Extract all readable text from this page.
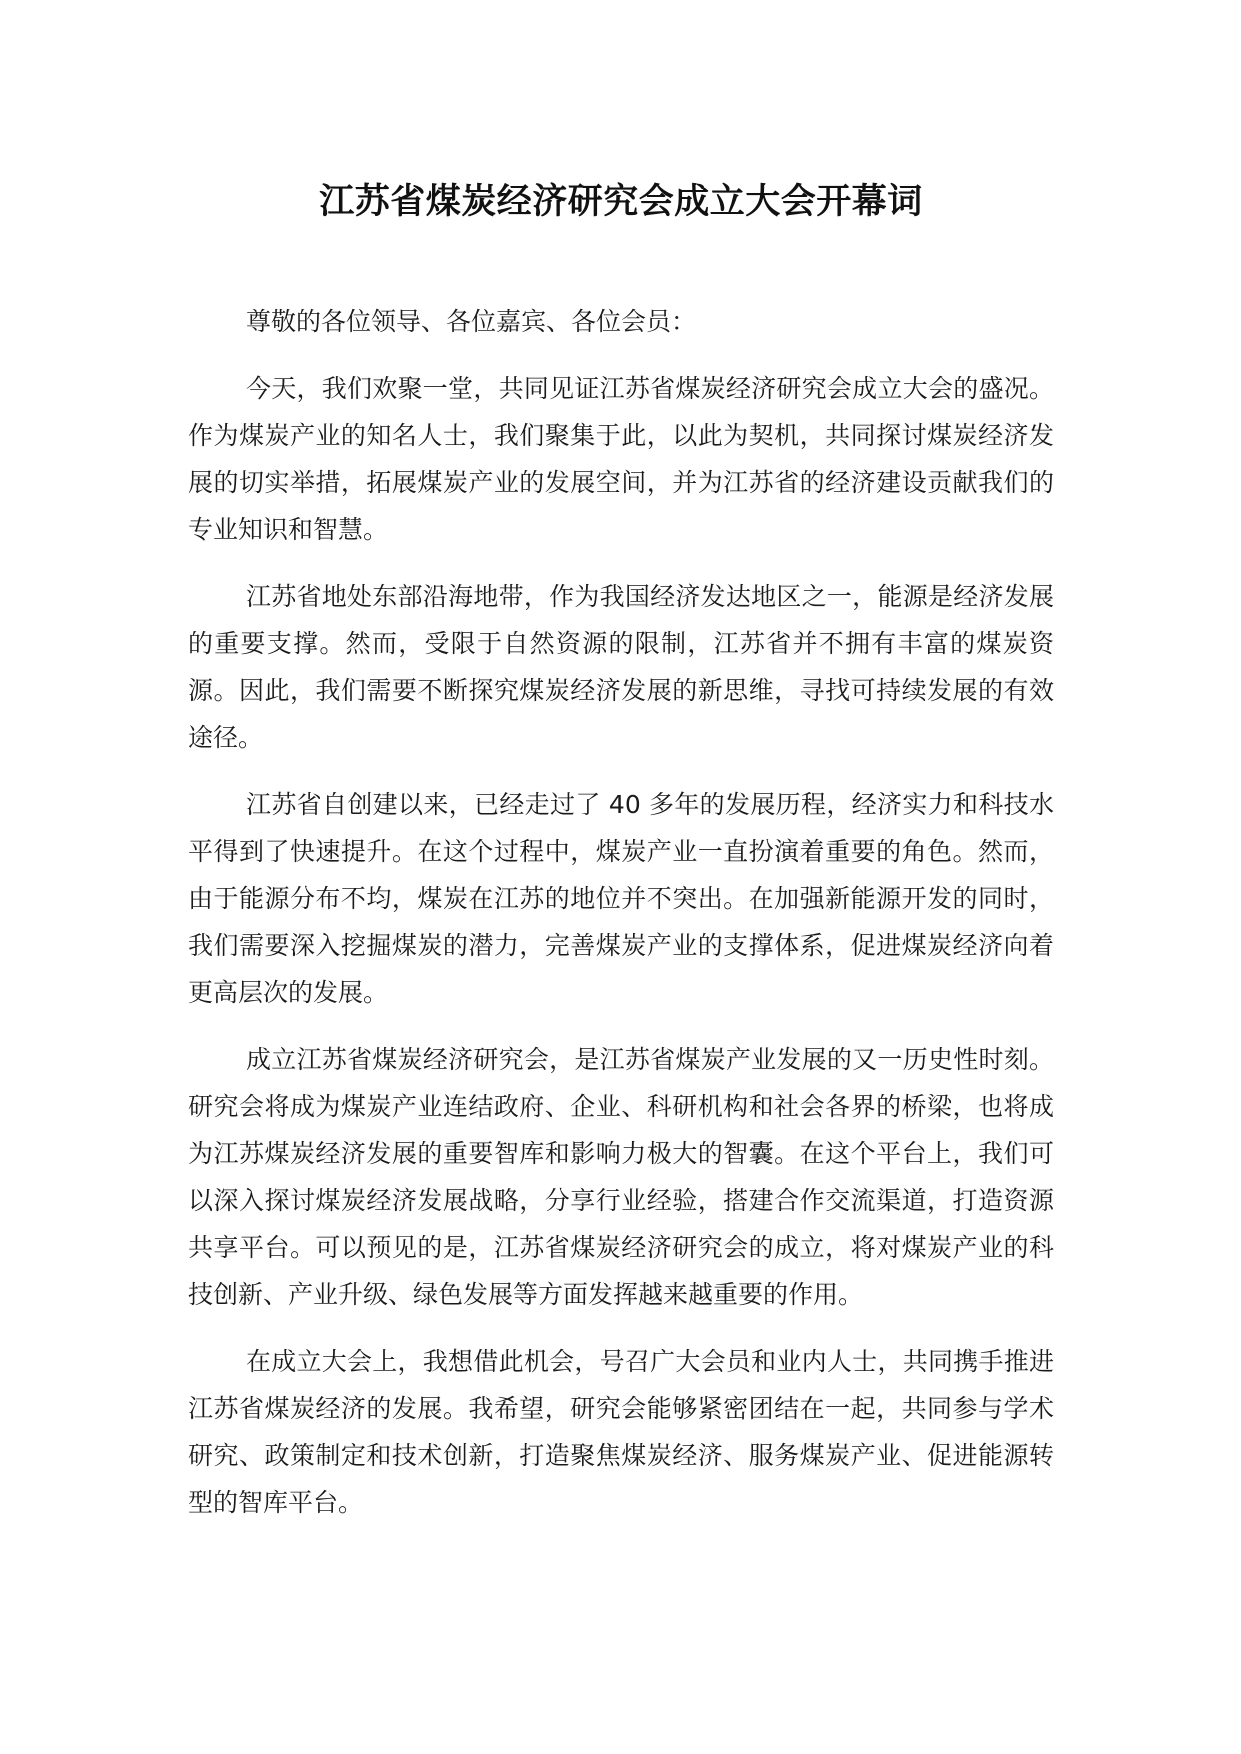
江苏省煤炭经济研究会成立大会开幕词

尊敬的各位领导、各位嘉宾、各位会员：

今天，我们欢聚一堂，共同见证江苏省煤炭经济研究会成立大会的盛况。作为煤炭产业的知名人士，我们聚集于此，以此为契机，共同探讨煤炭经济发展的切实举措，拓展煤炭产业的发展空间，并为江苏省的经济建设贡献我们的专业知识和智慧。

江苏省地处东部沿海地带，作为我国经济发达地区之一，能源是经济发展的重要支撑。然而，受限于自然资源的限制，江苏省并不拥有丰富的煤炭资源。因此，我们需要不断探究煤炭经济发展的新思维，寻找可持续发展的有效途径。

江苏省自创建以来，已经走过了 40 多年的发展历程，经济实力和科技水平得到了快速提升。在这个过程中，煤炭产业一直扮演着重要的角色。然而，由于能源分布不均，煤炭在江苏的地位并不突出。在加强新能源开发的同时，我们需要深入挖掘煤炭的潜力，完善煤炭产业的支撑体系，促进煤炭经济向着更高层次的发展。

成立江苏省煤炭经济研究会，是江苏省煤炭产业发展的又一历史性时刻。研究会将成为煤炭产业连结政府、企业、科研机构和社会各界的桥梁，也将成为江苏煤炭经济发展的重要智库和影响力极大的智囊。在这个平台上，我们可以深入探讨煤炭经济发展战略，分享行业经验，搭建合作交流渠道，打造资源共享平台。可以预见的是，江苏省煤炭经济研究会的成立，将对煤炭产业的科技创新、产业升级、绿色发展等方面发挥越来越重要的作用。

在成立大会上，我想借此机会，号召广大会员和业内人士，共同携手推进江苏省煤炭经济的发展。我希望，研究会能够紧密团结在一起，共同参与学术研究、政策制定和技术创新，打造聚焦煤炭经济、服务煤炭产业、促进能源转型的智库平台。
